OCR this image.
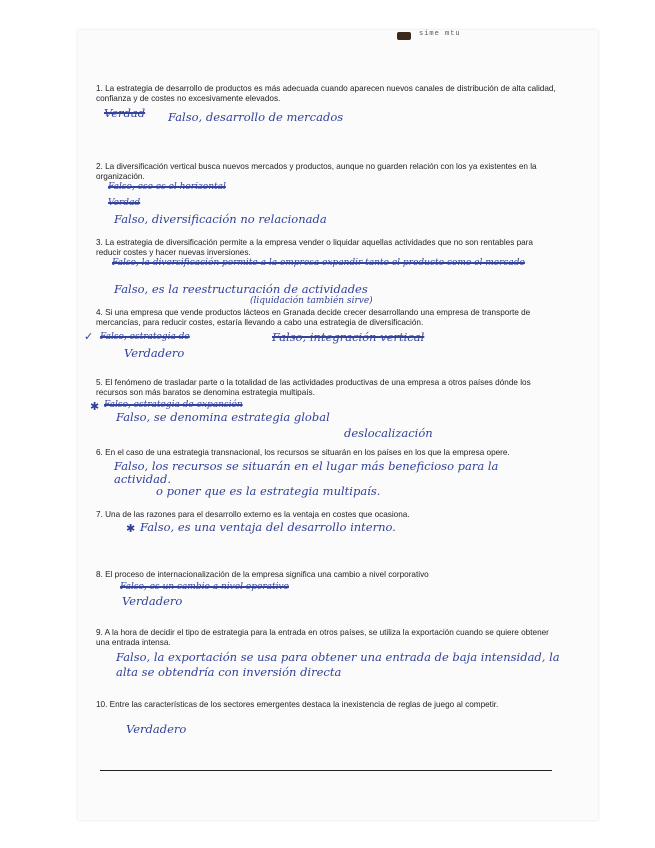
sime mtu
1. La estrategia de desarrollo de productos es más adecuada cuando aparecen nuevos canales de distribución de alta calidad, confianza y de costes no excesivamente elevados.
Verdad Falso, desarrollo de mercados
2. La diversificación vertical busca nuevos mercados y productos, aunque no guarden relación con los ya existentes en la organización.
Falso, ese es el horizontal
Verdad
Falso, diversificación no relacionada
3. La estrategia de diversificación permite a la empresa vender o liquidar aquellas actividades que no son rentables para reducir costes y hacer nuevas inversiones.
Falso, la diversificación permite a la empresa expandir tanto el producto como el mercado
Falso, es la reestructuración de actividades
(liquidación también sirve)
4. Si una empresa que vende productos lácteos en Granada decide crecer desarrollando una empresa de transporte de mercancías, para reducir costes, estaría llevando a cabo una estrategia de diversificación.
✓ Falso, estrategia de	Falso, integración vertical
Verdadero
5. El fenómeno de trasladar parte o la totalidad de las actividades productivas de una empresa a otros países dónde los recursos son más baratos se denomina estrategia multipaís.
✱ Falso, estrategia de expansión
Falso, se denomina estrategia global
deslocalización
6. En el caso de una estrategia transnacional, los recursos se situarán en los países en los que la empresa opere.
Falso, los recursos se situarán en el lugar más beneficioso para la actividad.
o poner que es la estrategia multipaís.
7. Una de las razones para el desarrollo externo es la ventaja en costes que ocasiona.
✱ Falso, es una ventaja del desarrollo interno.
8. El proceso de internacionalización de la empresa significa una cambio a nivel corporativo
Falso, es un cambio a nivel operativo
Verdadero
9. A la hora de decidir el tipo de estrategia para la entrada en otros países, se utiliza la exportación cuando se quiere obtener una entrada intensa.
Falso, la exportación se usa para obtener una entrada de baja intensidad, la alta se obtendría con inversión directa
10. Entre las características de los sectores emergentes destaca la inexistencia de reglas de juego al competir.
Verdadero
